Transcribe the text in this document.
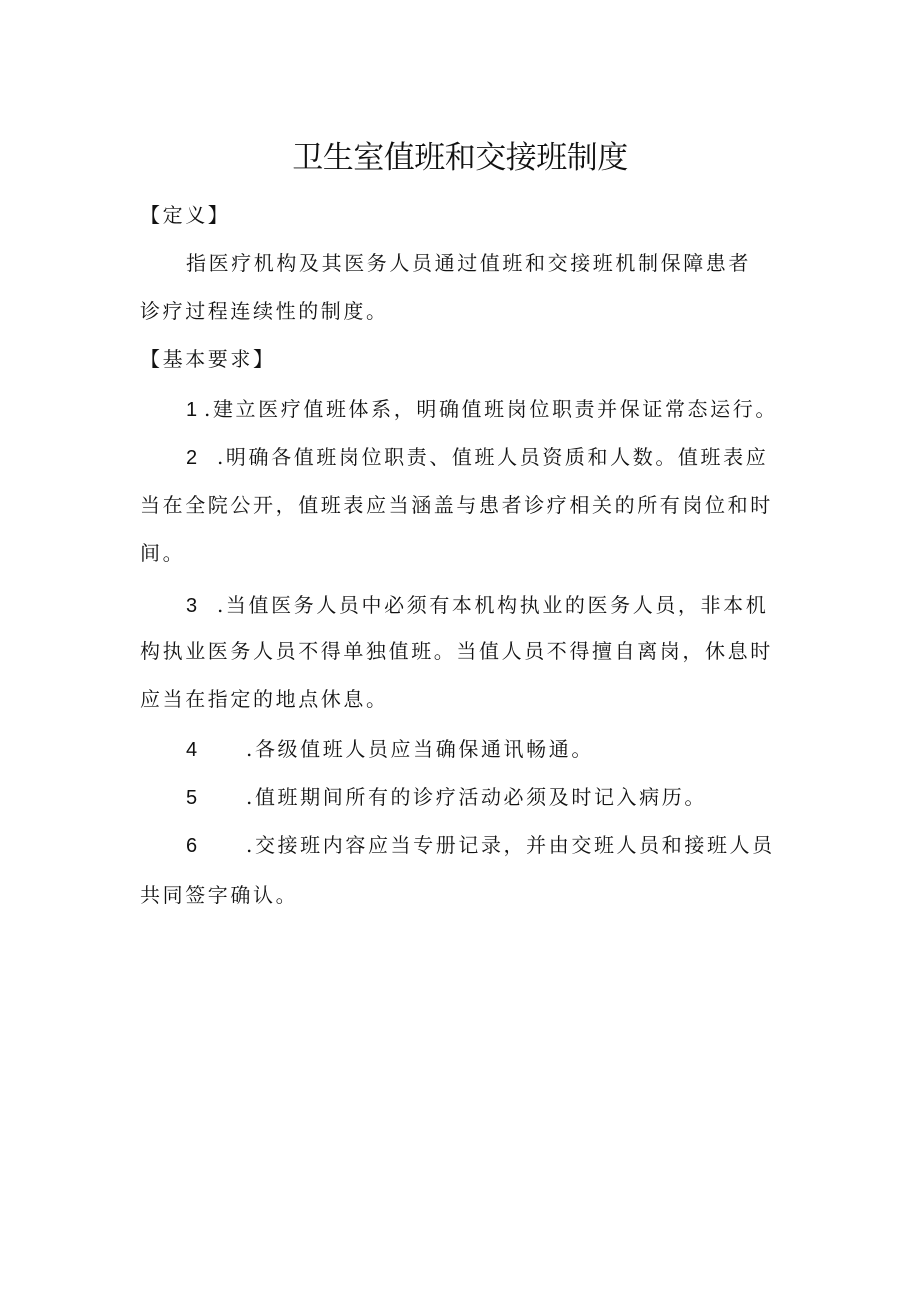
卫生室值班和交接班制度
【定义】
指医疗机构及其医务人员通过值班和交接班机制保障患者
诊疗过程连续性的制度。
【基本要求】
1 .建立医疗值班体系，明确值班岗位职责并保证常态运行。
2 .明确各值班岗位职责、值班人员资质和人数。值班表应
当在全院公开，值班表应当涵盖与患者诊疗相关的所有岗位和时
间。
3 .当值医务人员中必须有本机构执业的医务人员，非本机
构执业医务人员不得单独值班。当值人员不得擅自离岗，休息时
应当在指定的地点休息。
4 .各级值班人员应当确保通讯畅通。
5 .值班期间所有的诊疗活动必须及时记入病历。
6 .交接班内容应当专册记录，并由交班人员和接班人员
共同签字确认。
